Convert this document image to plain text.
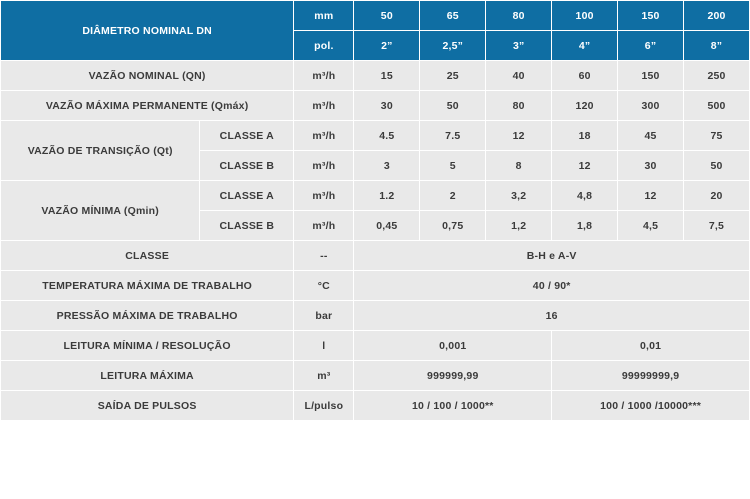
DIÂMETRO NOMINAL DN		mm	50	65	80	100	150	200
		pol.	2”	2,5”	3”	4”	6”	8”
VAZÃO NOMINAL (QN)		m³/h	15	25	40	60	150	250
VAZÃO MÁXIMA PERMANENTE (Qmáx)		m³/h	30	50	80	120	300	500
VAZÃO DE TRANSIÇÃO (Qt)	CLASSE A	m³/h	4.5	7.5	12	18	45	75
	CLASSE B	m³/h	3	5	8	12	30	50
VAZÃO MÍNIMA (Qmin)	CLASSE A	m³/h	1.2	2	3,2	4,8	12	20
	CLASSE B	m³/h	0,45	0,75	1,2	1,8	4,5	7,5
CLASSE		--	B-H e A-V					
TEMPERATURA MÁXIMA DE TRABALHO		°C	40 / 90*					
PRESSÃO MÁXIMA DE TRABALHO		bar	16					
LEITURA MÍNIMA / RESOLUÇÃO		l	0,001			0,01		
LEITURA MÁXIMA		m³	999999,99			99999999,9		
SAÍDA DE PULSOS		L/pulso	10 / 100 / 1000**			100 / 1000 /10000***		
